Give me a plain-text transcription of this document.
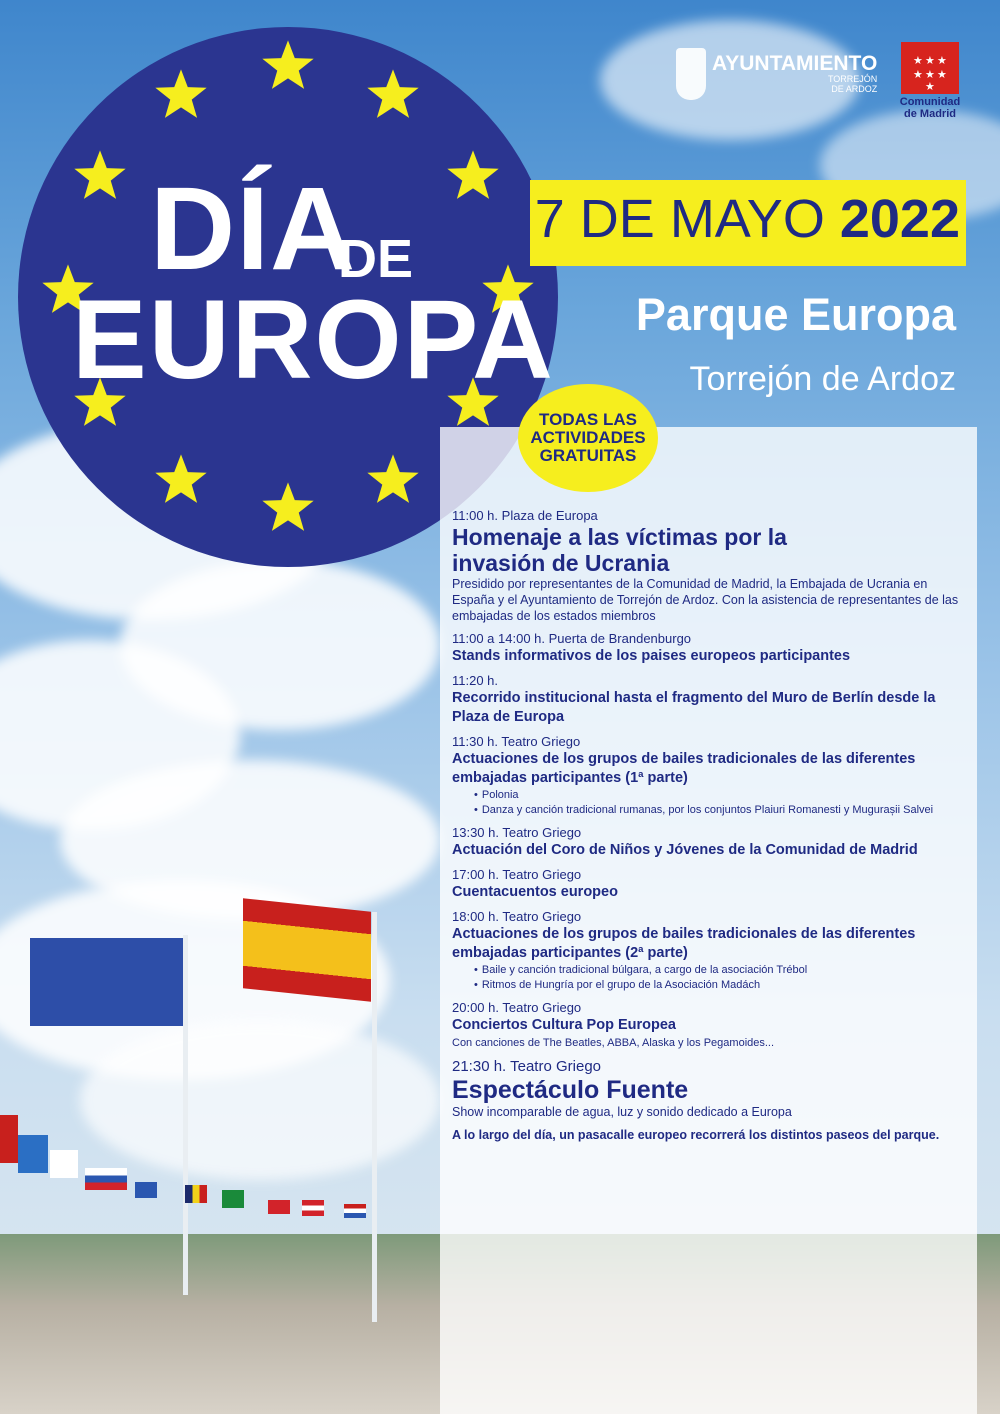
DÍA
DE
EUROPA
AYUNTAMIENTO
TORREJÓN
DE ARDOZ
★ ★ ★
★ ★ ★
★
Comunidad
de Madrid
7 DE MAYO 2022
Parque Europa
Torrejón de Ardoz
TODAS LAS
ACTIVIDADES
GRATUITAS
11:00 h. Plaza de Europa
Homenaje a las víctimas por la invasión de Ucrania
Presidido por representantes de la Comunidad de Madrid, la Embajada de Ucrania en España y el Ayuntamiento de Torrejón de Ardoz. Con la asistencia de representantes de las embajadas de los estados miembros
11:00 a 14:00 h. Puerta de Brandenburgo
Stands informativos de los paises europeos participantes
11:20 h.
Recorrido institucional hasta el fragmento del Muro de Berlín desde la Plaza de Europa
11:30 h. Teatro Griego
Actuaciones de los grupos de bailes tradicionales de las diferentes embajadas participantes (1ª parte)
• Polonia
• Danza y canción tradicional rumanas, por los conjuntos Plaiuri Romanesti y Mugurașii Salvei
13:30 h. Teatro Griego
Actuación del Coro de Niños y Jóvenes de la Comunidad de Madrid
17:00 h. Teatro Griego
Cuentacuentos europeo
18:00 h. Teatro Griego
Actuaciones de los grupos de bailes tradicionales de las diferentes embajadas participantes (2ª parte)
• Baile y canción tradicional búlgara, a cargo de la asociación Trébol
• Ritmos de Hungría por el grupo de la Asociación Madách
20:00 h. Teatro Griego
Conciertos Cultura Pop Europea
Con canciones de The Beatles, ABBA, Alaska y los Pegamoides...
21:30 h. Teatro Griego
Espectáculo Fuente
Show incomparable de agua, luz y sonido dedicado a Europa
A lo largo del día, un pasacalle europeo recorrerá los distintos paseos del parque.
